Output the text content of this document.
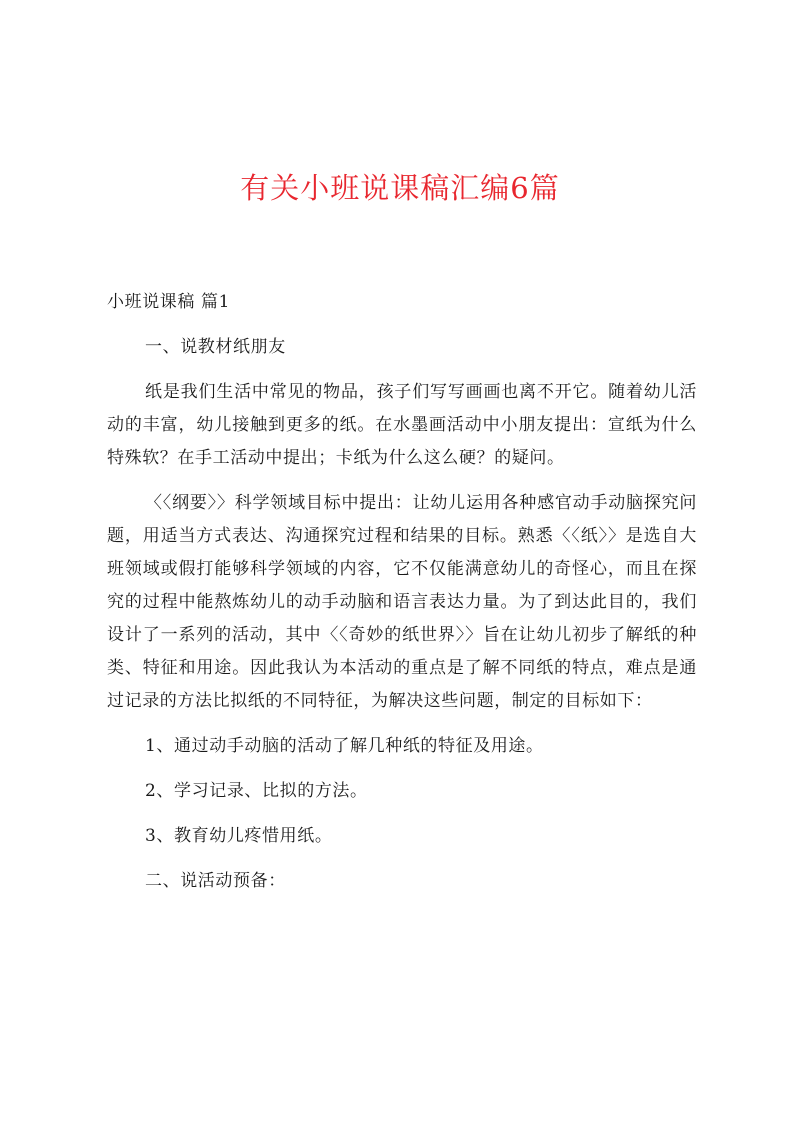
有关小班说课稿汇编6篇

小班说课稿 篇1

一、说教材纸朋友

纸是我们生活中常见的物品，孩子们写写画画也离不开它。随着幼儿活动的丰富，幼儿接触到更多的纸。在水墨画活动中小朋友提出：宣纸为什么特殊软？在手工活动中提出；卡纸为什么这么硬？的疑问。

〈〈纲要〉〉科学领域目标中提出：让幼儿运用各种感官动手动脑探究问题，用适当方式表达、沟通探究过程和结果的目标。熟悉〈〈纸〉〉是选自大班领域或假打能够科学领域的内容，它不仅能满意幼儿的奇怪心，而且在探究的过程中能熬炼幼儿的动手动脑和语言表达力量。为了到达此目的，我们设计了一系列的活动，其中〈〈奇妙的纸世界〉〉旨在让幼儿初步了解纸的种类、特征和用途。因此我认为本活动的重点是了解不同纸的特点，难点是通过记录的方法比拟纸的不同特征，为解决这些问题，制定的目标如下：

1、通过动手动脑的活动了解几种纸的特征及用途。

2、学习记录、比拟的方法。

3、教育幼儿疼惜用纸。

二、说活动预备：
